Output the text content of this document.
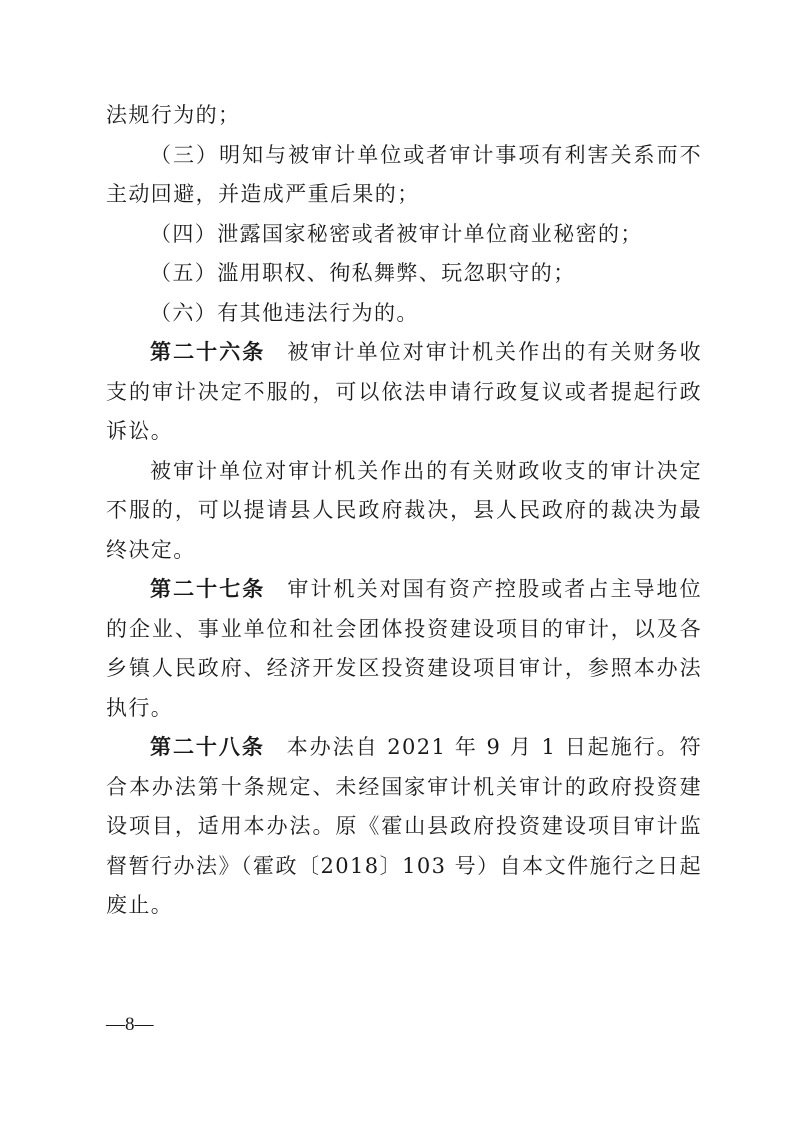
法规行为的；

（三）明知与被审计单位或者审计事项有利害关系而不主动回避，并造成严重后果的；

（四）泄露国家秘密或者被审计单位商业秘密的；

（五）滥用职权、徇私舞弊、玩忽职守的；

（六）有其他违法行为的。

第二十六条 被审计单位对审计机关作出的有关财务收支的审计决定不服的，可以依法申请行政复议或者提起行政诉讼。

被审计单位对审计机关作出的有关财政收支的审计决定不服的，可以提请县人民政府裁决，县人民政府的裁决为最终决定。

第二十七条 审计机关对国有资产控股或者占主导地位的企业、事业单位和社会团体投资建设项目的审计，以及各乡镇人民政府、经济开发区投资建设项目审计，参照本办法执行。

第二十八条 本办法自 2021 年 9 月 1 日起施行。符合本办法第十条规定、未经国家审计机关审计的政府投资建设项目，适用本办法。原《霍山县政府投资建设项目审计监督暂行办法》（霍政〔2018〕103 号）自本文件施行之日起废止。

—8—
